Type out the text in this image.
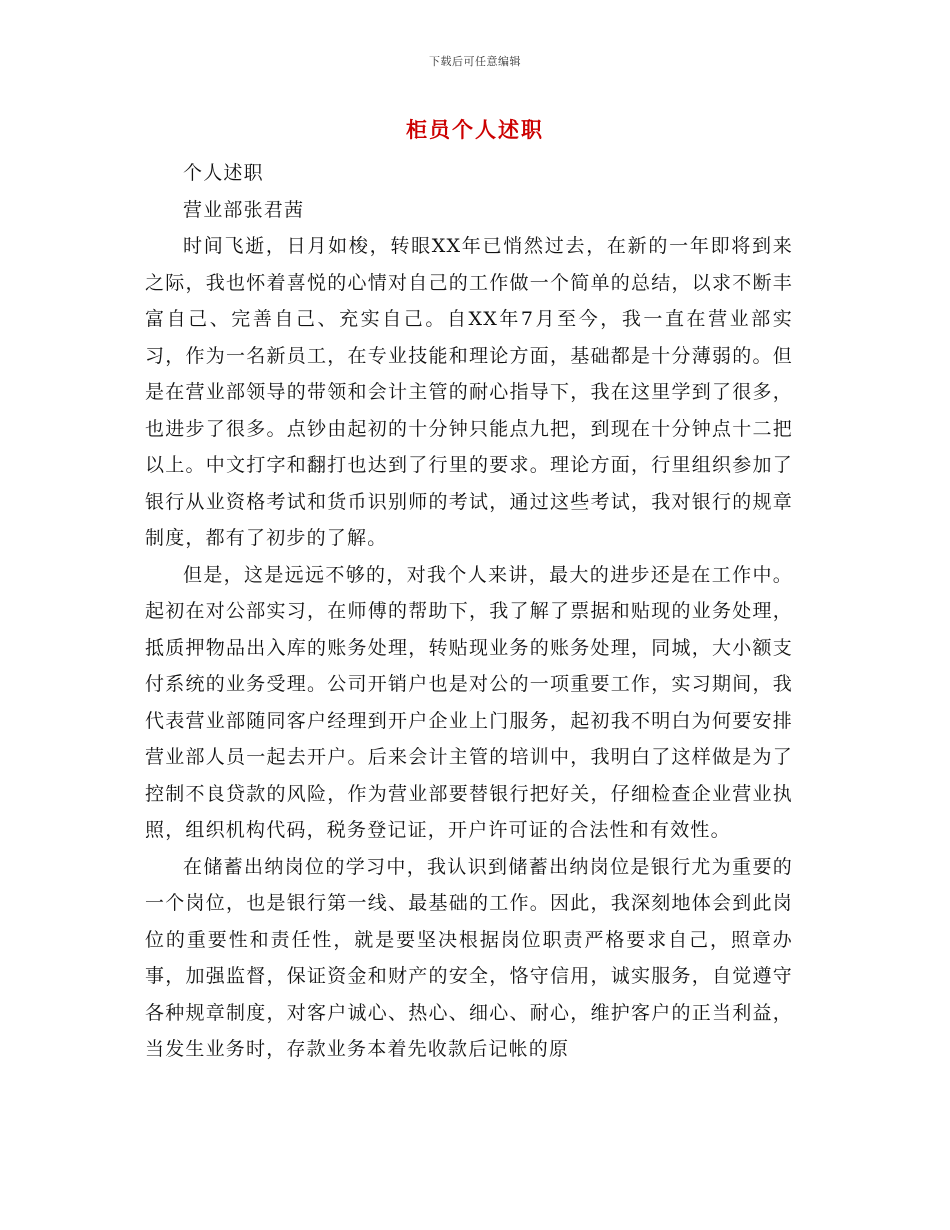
下载后可任意编辑
柜员个人述职

个人述职

营业部张君茜

时间飞逝，日月如梭，转眼XX年已悄然过去，在新的一年即将到来之际，我也怀着喜悦的心情对自己的工作做一个简单的总结，以求不断丰富自己、完善自己、充实自己。自XX年7月至今，我一直在营业部实习，作为一名新员工，在专业技能和理论方面，基础都是十分薄弱的。但是在营业部领导的带领和会计主管的耐心指导下，我在这里学到了很多，也进步了很多。点钞由起初的十分钟只能点九把，到现在十分钟点十二把以上。中文打字和翻打也达到了行里的要求。理论方面，行里组织参加了银行从业资格考试和货币识别师的考试，通过这些考试，我对银行的规章制度，都有了初步的了解。

但是，这是远远不够的，对我个人来讲，最大的进步还是在工作中。起初在对公部实习，在师傅的帮助下，我了解了票据和贴现的业务处理，抵质押物品出入库的账务处理，转贴现业务的账务处理，同城，大小额支付系统的业务受理。公司开销户也是对公的一项重要工作，实习期间，我代表营业部随同客户经理到开户企业上门服务，起初我不明白为何要安排营业部人员一起去开户。后来会计主管的培训中，我明白了这样做是为了控制不良贷款的风险，作为营业部要替银行把好关，仔细检查企业营业执照，组织机构代码，税务登记证，开户许可证的合法性和有效性。

在储蓄出纳岗位的学习中，我认识到储蓄出纳岗位是银行尤为重要的一个岗位，也是银行第一线、最基础的工作。因此，我深刻地体会到此岗位的重要性和责任性，就是要坚决根据岗位职责严格要求自己，照章办事，加强监督，保证资金和财产的安全，恪守信用，诚实服务，自觉遵守各种规章制度，对客户诚心、热心、细心、耐心，维护客户的正当利益，当发生业务时，存款业务本着先收款后记帐的原
